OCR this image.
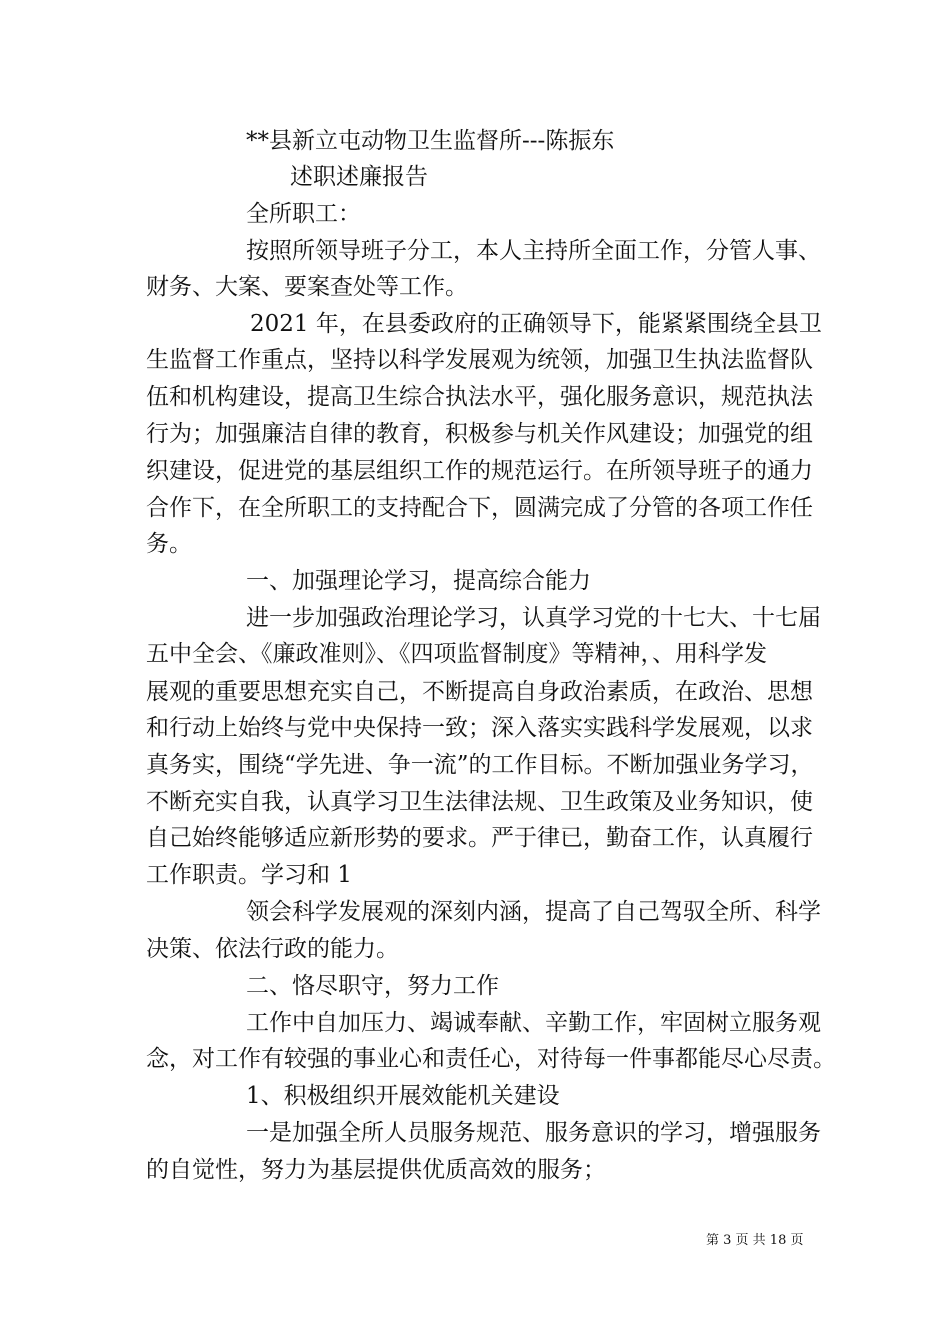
**县新立屯动物卫生监督所---陈振东
述职述廉报告
全所职工：
按照所领导班子分工，本人主持所全面工作，分管人事、
财务、大案、要案查处等工作。
2021 年，在县委政府的正确领导下，能紧紧围绕全县卫
生监督工作重点，坚持以科学发展观为统领，加强卫生执法监督队
伍和机构建设，提高卫生综合执法水平，强化服务意识，规范执法
行为；加强廉洁自律的教育，积极参与机关作风建设；加强党的组
织建设，促进党的基层组织工作的规范运行。在所领导班子的通力
合作下，在全所职工的支持配合下，圆满完成了分管的各项工作任
务。
一、加强理论学习，提高综合能力
进一步加强政治理论学习，认真学习党的十七大、十七届
五中全会、《廉政准则》、《四项监督制度》等精神，、用科学发
展观的重要思想充实自己，不断提高自身政治素质，在政治、思想
和行动上始终与党中央保持一致；深入落实实践科学发展观，以求
真务实，围绕“学先进、争一流”的工作目标。不断加强业务学习，
不断充实自我，认真学习卫生法律法规、卫生政策及业务知识，使
自己始终能够适应新形势的要求。严于律已，勤奋工作，认真履行
工作职责。学习和 1
领会科学发展观的深刻内涵，提高了自己驾驭全所、科学
决策、依法行政的能力。
二、恪尽职守，努力工作
工作中自加压力、竭诚奉献、辛勤工作，牢固树立服务观
念，对工作有较强的事业心和责任心，对待每一件事都能尽心尽责。
1、积极组织开展效能机关建设
一是加强全所人员服务规范、服务意识的学习，增强服务
的自觉性，努力为基层提供优质高效的服务；
第 3 页 共 18 页
